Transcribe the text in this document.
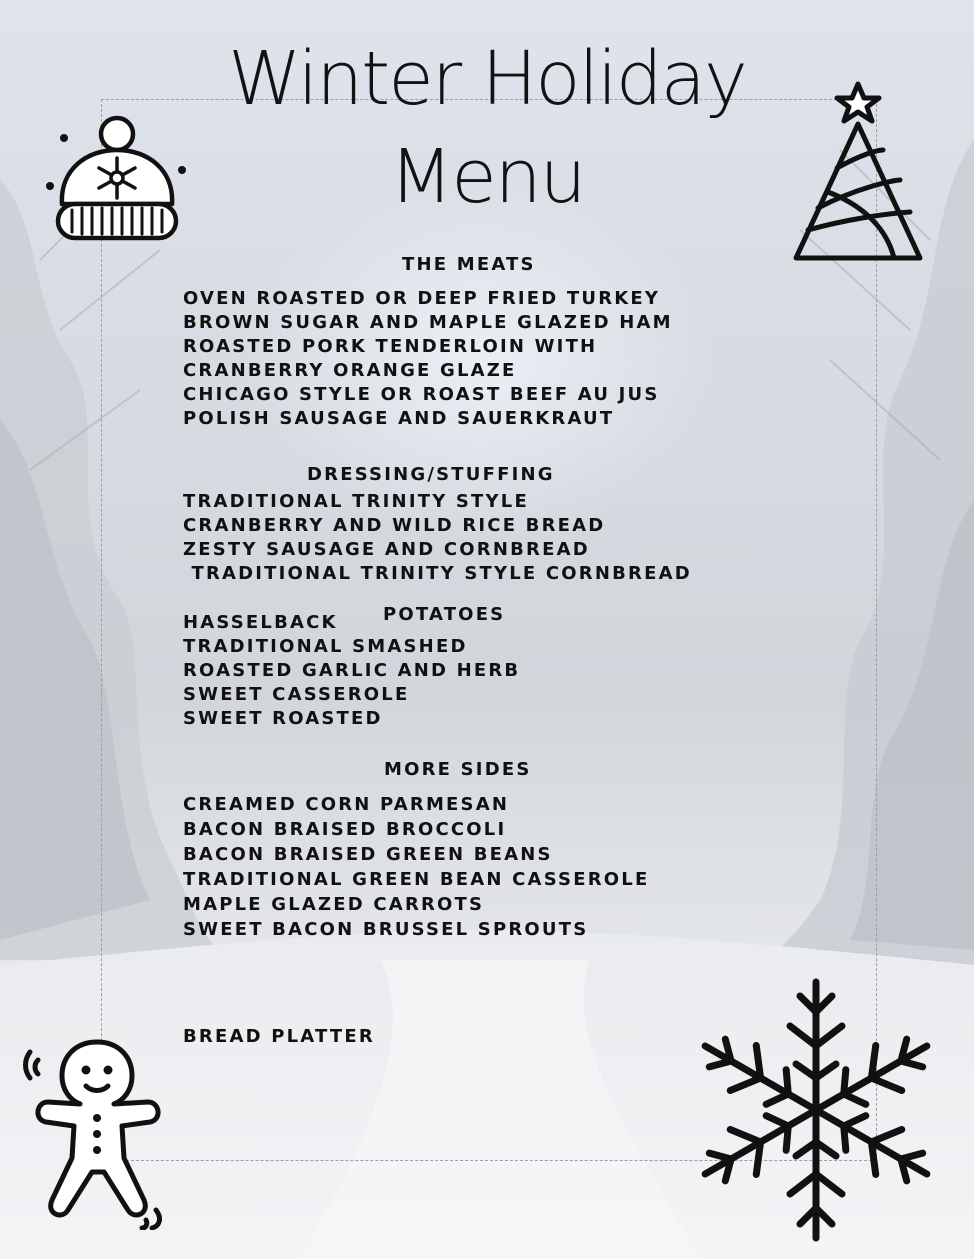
Winter Holiday
Menu
THE MEATS
OVEN ROASTED OR DEEP FRIED TURKEY
BROWN SUGAR AND MAPLE GLAZED HAM
ROASTED PORK TENDERLOIN WITH
CRANBERRY ORANGE GLAZE
CHICAGO STYLE OR ROAST BEEF AU JUS
POLISH SAUSAGE AND SAUERKRAUT
DRESSING/STUFFING
TRADITIONAL TRINITY STYLE
CRANBERRY AND WILD RICE BREAD
ZESTY SAUSAGE AND CORNBREAD
TRADITIONAL TRINITY STYLE CORNBREAD
POTATOES
HASSELBACK
TRADITIONAL SMASHED
ROASTED GARLIC AND HERB
SWEET CASSEROLE
SWEET ROASTED
MORE SIDES
CREAMED CORN PARMESAN
BACON BRAISED BROCCOLI
BACON BRAISED GREEN BEANS
TRADITIONAL GREEN BEAN CASSEROLE
MAPLE GLAZED CARROTS
SWEET BACON BRUSSEL SPROUTS
BREAD PLATTER
